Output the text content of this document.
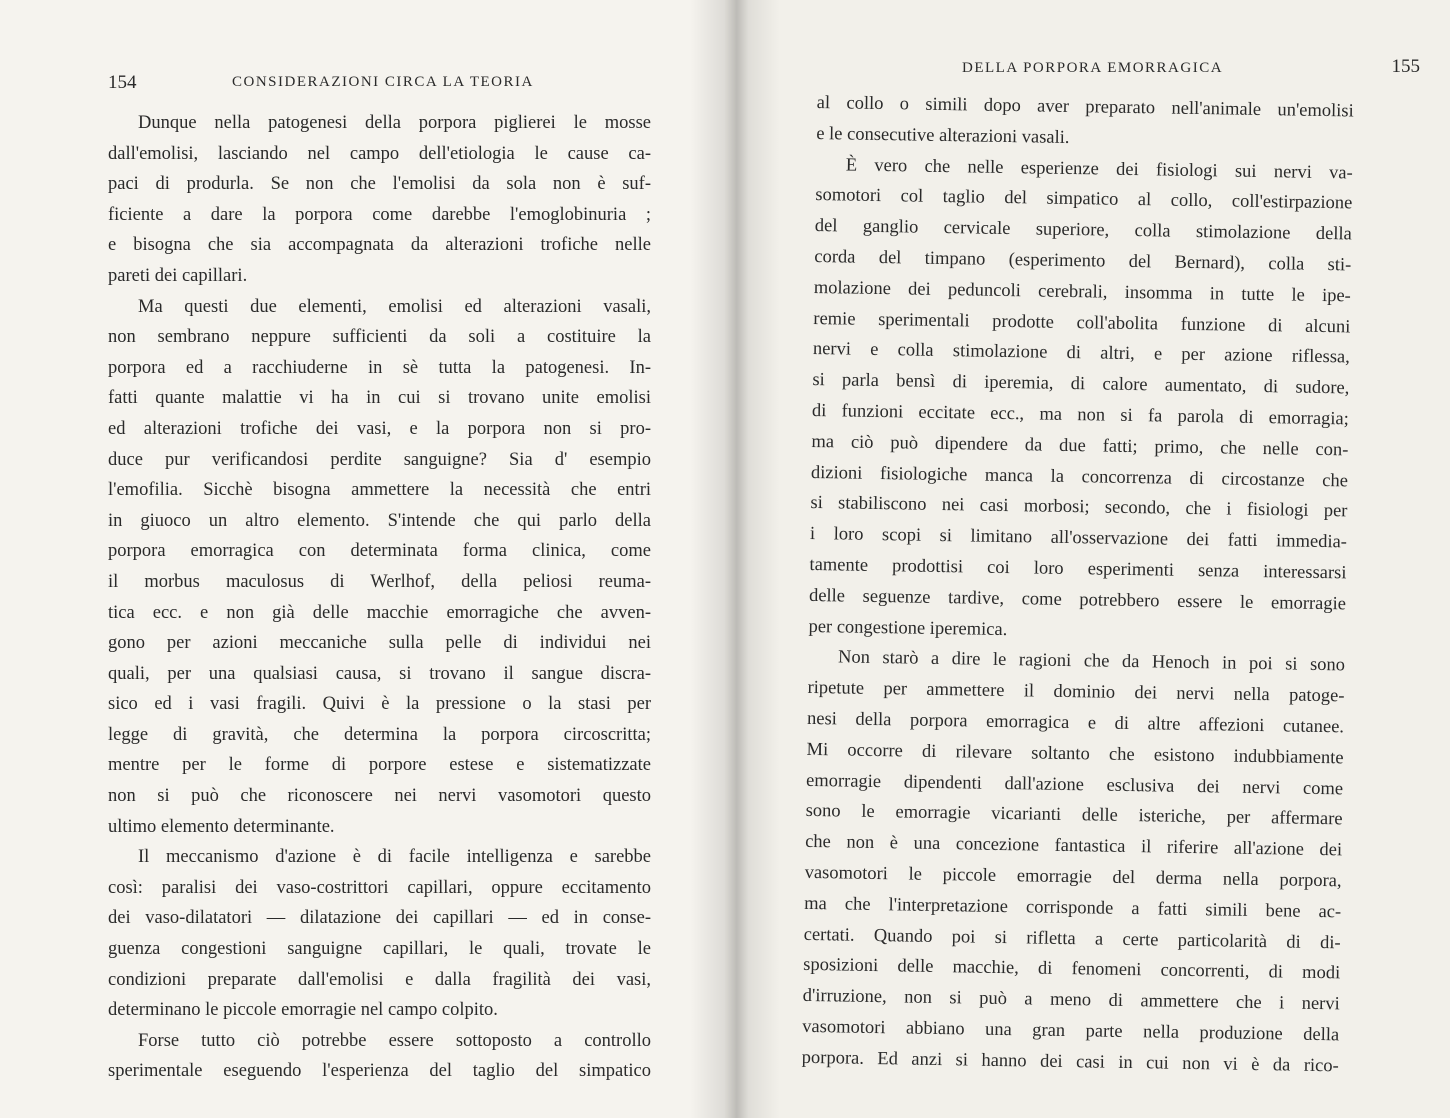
154	CONSIDERAZIONI CIRCA LA TEORIA
Dunque nella patogenesi della porpora piglierei le mosse
dall'emolisi, lasciando nel campo dell'etiologia le cause ca-
paci di produrla. Se non che l'emolisi da sola non è suf-
ficiente a dare la porpora come darebbe l'emoglobinuria ;
e bisogna che sia accompagnata da alterazioni trofiche nelle
pareti dei capillari.
Ma questi due elementi, emolisi ed alterazioni vasali,
non sembrano neppure sufficienti da soli a costituire la
porpora ed a racchiuderne in sè tutta la patogenesi. In-
fatti quante malattie vi ha in cui si trovano unite emolisi
ed alterazioni trofiche dei vasi, e la porpora non si pro-
duce pur verificandosi perdite sanguigne? Sia d' esempio
l'emofilia. Sicchè bisogna ammettere la necessità che entri
in giuoco un altro elemento. S'intende che qui parlo della
porpora emorragica con determinata forma clinica, come
il morbus maculosus di Werlhof, della peliosi reuma-
tica ecc. e non già delle macchie emorragiche che avven-
gono per azioni meccaniche sulla pelle di individui nei
quali, per una qualsiasi causa, si trovano il sangue discra-
sico ed i vasi fragili. Quivi è la pressione o la stasi per
legge di gravità, che determina la porpora circoscritta;
mentre per le forme di porpore estese e sistematizzate
non si può che riconoscere nei nervi vasomotori questo
ultimo elemento determinante.
Il meccanismo d'azione è di facile intelligenza e sarebbe
così: paralisi dei vaso-costrittori capillari, oppure eccitamento
dei vaso-dilatatori — dilatazione dei capillari — ed in conse-
guenza congestioni sanguigne capillari, le quali, trovate le
condizioni preparate dall'emolisi e dalla fragilità dei vasi,
determinano le piccole emorragie nel campo colpito.
Forse tutto ciò potrebbe essere sottoposto a controllo
sperimentale eseguendo l'esperienza del taglio del simpatico
DELLA PORPORA EMORRAGICA	155
al collo o simili dopo aver preparato nell'animale un'emolisi
e le consecutive alterazioni vasali.
È vero che nelle esperienze dei fisiologi sui nervi va-
somotori col taglio del simpatico al collo, coll'estirpazione
del ganglio cervicale superiore, colla stimolazione della
corda del timpano (esperimento del Bernard), colla sti-
molazione dei peduncoli cerebrali, insomma in tutte le ipe-
remie sperimentali prodotte coll'abolita funzione di alcuni
nervi e colla stimolazione di altri, e per azione riflessa,
si parla bensì di iperemia, di calore aumentato, di sudore,
di funzioni eccitate ecc., ma non si fa parola di emorragia;
ma ciò può dipendere da due fatti; primo, che nelle con-
dizioni fisiologiche manca la concorrenza di circostanze che
si stabiliscono nei casi morbosi; secondo, che i fisiologi per
i loro scopi si limitano all'osservazione dei fatti immedia-
tamente prodottisi coi loro esperimenti senza interessarsi
delle seguenze tardive, come potrebbero essere le emorragie
per congestione iperemica.
Non starò a dire le ragioni che da Henoch in poi si sono
ripetute per ammettere il dominio dei nervi nella patoge-
nesi della porpora emorragica e di altre affezioni cutanee.
Mi occorre di rilevare soltanto che esistono indubbiamente
emorragie dipendenti dall'azione esclusiva dei nervi come
sono le emorragie vicarianti delle isteriche, per affermare
che non è una concezione fantastica il riferire all'azione dei
vasomotori le piccole emorragie del derma nella porpora,
ma che l'interpretazione corrisponde a fatti simili bene ac-
certati. Quando poi si rifletta a certe particolarità di di-
sposizioni delle macchie, di fenomeni concorrenti, di modi
d'irruzione, non si può a meno di ammettere che i nervi
vasomotori abbiano una gran parte nella produzione della
porpora. Ed anzi si hanno dei casi in cui non vi è da rico-
